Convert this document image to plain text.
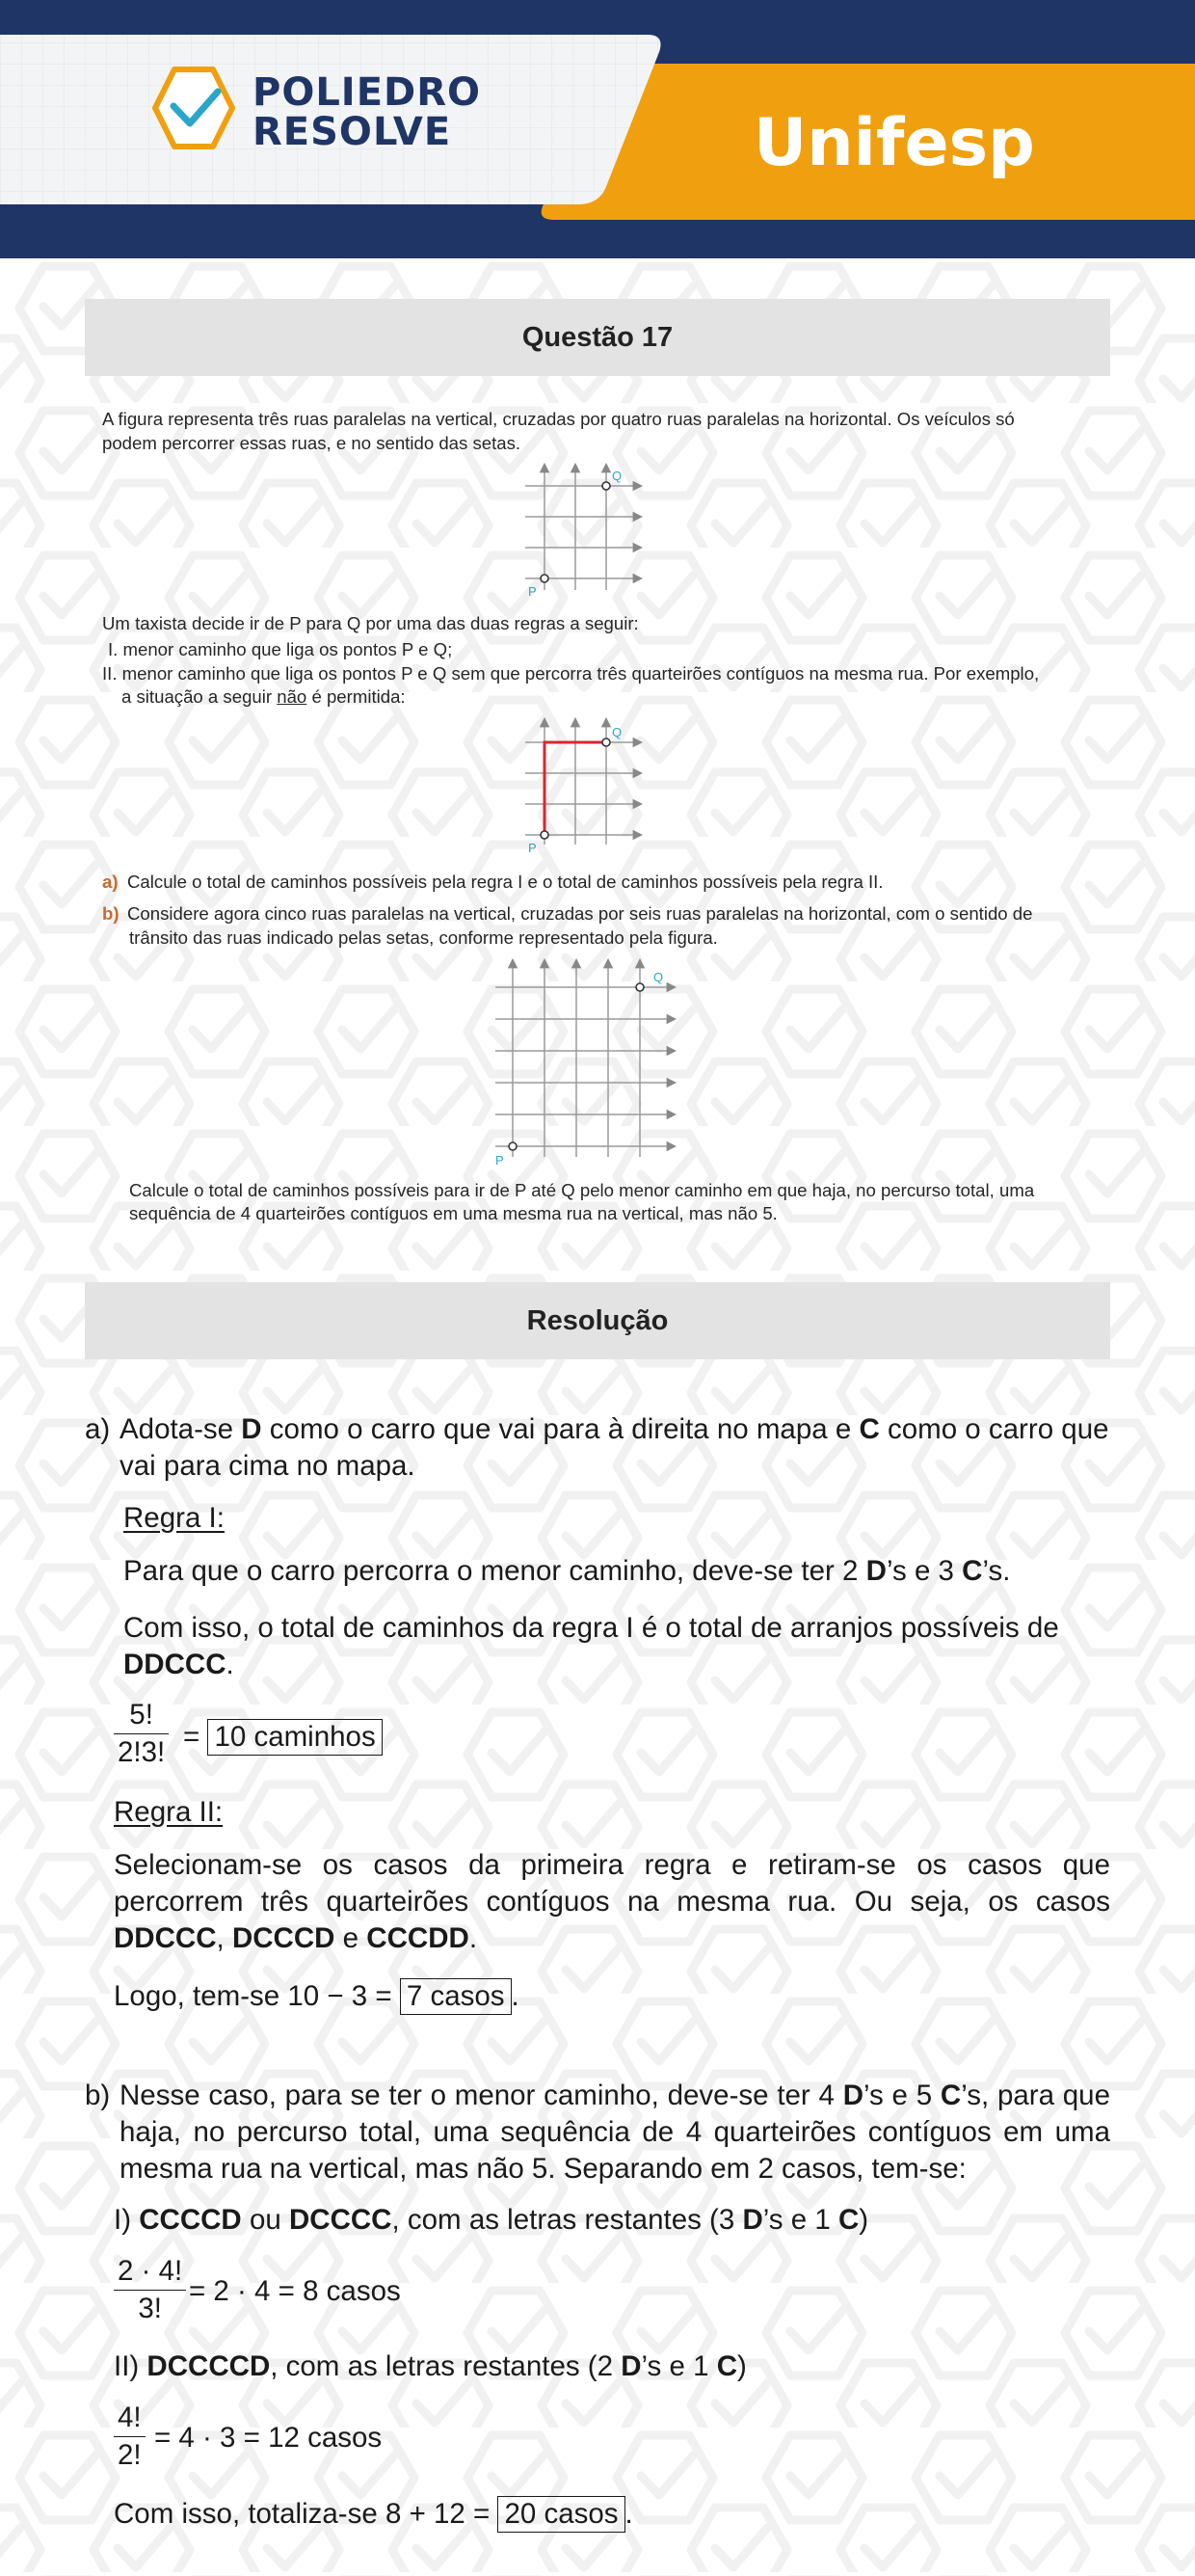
POLIEDRO
RESOLVE	Unifesp
Questão 17
A figura representa três ruas paralelas na vertical, cruzadas por quatro ruas paralelas na horizontal. Os veículos só
podem percorrer essas ruas, e no sentido das setas.
P
Q
Um taxista decide ir de P para Q por uma das duas regras a seguir:
I. menor caminho que liga os pontos P e Q;
II. menor caminho que liga os pontos P e Q sem que percorra três quarteirões contíguos na mesma rua. Por exemplo,
a situação a seguir não é permitida:
P
Q
a) Calcule o total de caminhos possíveis pela regra I e o total de caminhos possíveis pela regra II.
b) Considere agora cinco ruas paralelas na vertical, cruzadas por seis ruas paralelas na horizontal, com o sentido de
trânsito das ruas indicado pelas setas, conforme representado pela figura.
P
Q
Calcule o total de caminhos possíveis para ir de P até Q pelo menor caminho em que haja, no percurso total, uma
sequência de 4 quarteirões contíguos em uma mesma rua na vertical, mas não 5.
Resolução
a) Adota-se D como o carro que vai para à direita no mapa e C como o carro que vai para cima no mapa.
Regra I:
Para que o carro percorra o menor caminho, deve-se ter 2 D’s e 3 C’s.
Com isso, o total de caminhos da regra I é o total de arranjos possíveis de DDCCC.
$\frac{5!}{2!3!} = 10$ caminhos
Regra II:
Selecionam-se os casos da primeira regra e retiram-se os casos que percorrem três quarteirões contíguos na mesma rua. Ou seja, os casos DDCCC, DCCCD e CCCDD.
Logo, tem-se 10 − 3 = 7 casos .
b) Nesse caso, para se ter o menor caminho, deve-se ter 4 D’s e 5 C’s, para que haja, no percurso total, uma sequência de 4 quarteirões contíguos em uma mesma rua na vertical, mas não 5. Separando em 2 casos, tem-se:
I) CCCCD ou DCCCC, com as letras restantes (3 D’s e 1 C)
$\frac{2 \cdot 4!}{3!} = 2 \cdot 4 = 8$ casos
II) DCCCCD, com as letras restantes (2 D’s e 1 C)
$\frac{4!}{2!} = 4 \cdot 3 = 12$ casos
Com isso, totaliza-se 8 + 12 = 20 casos .
